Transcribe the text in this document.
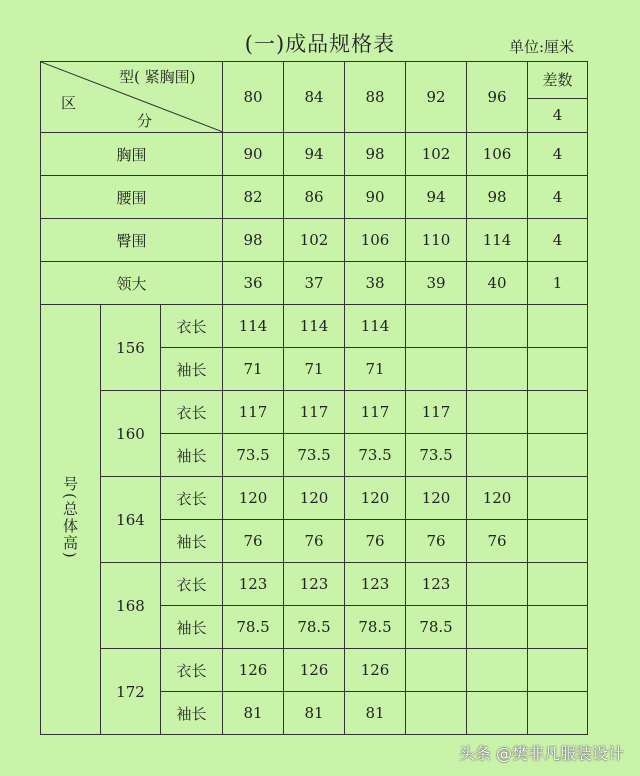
(一)成品规格表	单位:厘米
型( 紧胸围)
区
分			80	84	88	92	96	差数
								4
胸围			90	94	98	102	106	4
腰围			82	86	90	94	98	4
臀围			98	102	106	110	114	4
领大			36	37	38	39	40	1
号(总体高)	156	衣长	114	114	114			
		袖长	71	71	71			
	160	衣长	117	117	117	117		
		袖长	73.5	73.5	73.5	73.5		
	164	衣长	120	120	120	120	120	
		袖长	76	76	76	76	76	
	168	衣长	123	123	123	123		
		袖长	78.5	78.5	78.5	78.5		
	172	衣长	126	126	126			
		袖长	81	81	81			
头条 @樊非凡服装设计
